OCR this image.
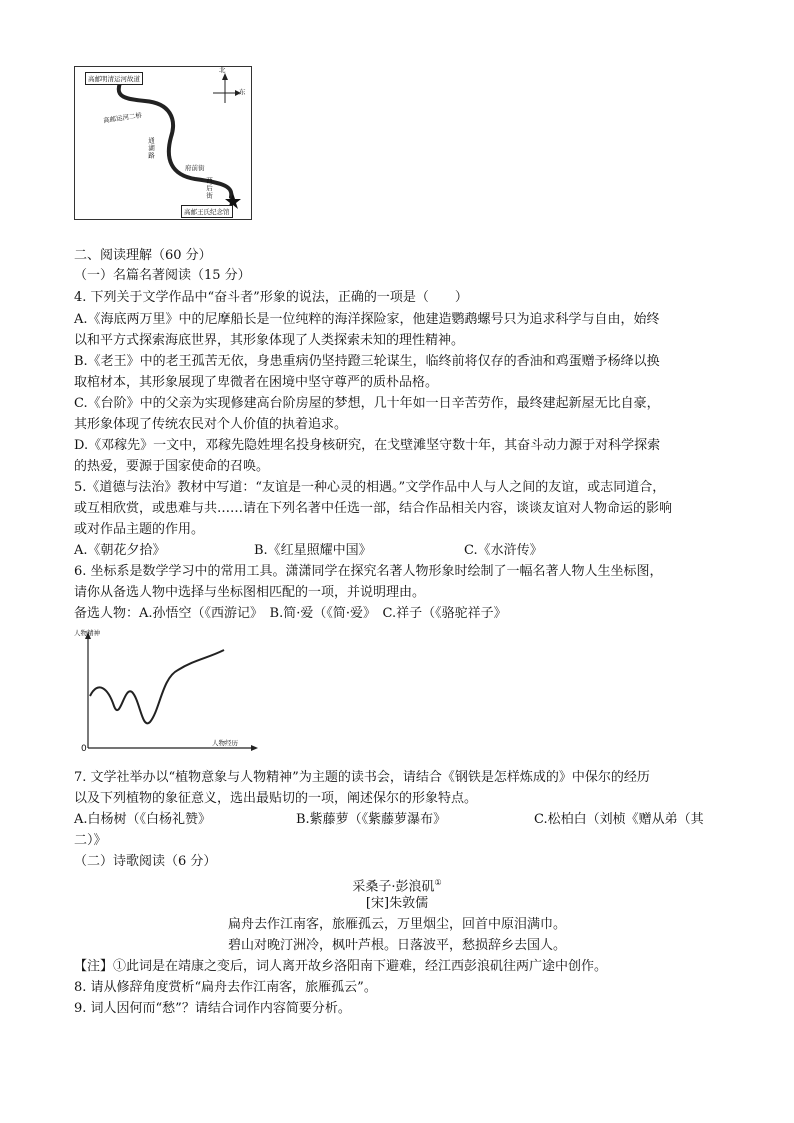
高邮明清运河故道
高邮运河二桥
通湖路
府前街
西后街
高邮王氏纪念馆
北
东
二、阅读理解（60 分）
（一）名篇名著阅读（15 分）
4. 下列关于文学作品中“奋斗者”形象的说法，正确的一项是（　　）
A.《海底两万里》中的尼摩船长是一位纯粹的海洋探险家，他建造鹦鹉螺号只为追求科学与自由，始终
以和平方式探索海底世界，其形象体现了人类探索未知的理性精神。
B.《老王》中的老王孤苦无依，身患重病仍坚持蹬三轮谋生，临终前将仅存的香油和鸡蛋赠予杨绛以换
取棺材本，其形象展现了卑微者在困境中坚守尊严的质朴品格。
C.《台阶》中的父亲为实现修建高台阶房屋的梦想，几十年如一日辛苦劳作，最终建起新屋无比自豪，
其形象体现了传统农民对个人价值的执着追求。
D.《邓稼先》一文中，邓稼先隐姓埋名投身核研究，在戈壁滩坚守数十年，其奋斗动力源于对科学探索
的热爱，要源于国家使命的召唤。
5.《道德与法治》教材中写道：“友谊是一种心灵的相遇。”文学作品中人与人之间的友谊，或志同道合，
或互相欣赏，或患难与共……请在下列名著中任选一部，结合作品相关内容，谈谈友谊对人物命运的影响
或对作品主题的作用。
A.《朝花夕拾》	B.《红星照耀中国》	C.《水浒传》
6. 坐标系是数学学习中的常用工具。潇潇同学在探究名著人物形象时绘制了一幅名著人物人生坐标图，
请你从备选人物中选择与坐标图相匹配的一项，并说明理由。
备选人物：A.孙悟空（《西游记》　B.简·爱（《简·爱》　C.祥子（《骆驼祥子》
人物精神
人物经历
0
7. 文学社举办以“植物意象与人物精神”为主题的读书会，请结合《钢铁是怎样炼成的》中保尔的经历
以及下列植物的象征意义，选出最贴切的一项，阐述保尔的形象特点。
A.白杨树（《白杨礼赞》	B.紫藤萝（《紫藤萝瀑布》	C.松柏白（刘桢《赠从弟（其
二）》
（二）诗歌阅读（6 分）
采桑子·彭浪矶①
[宋]朱敦儒
扁舟去作江南客，旅雁孤云，万里烟尘，回首中原泪满巾。
碧山对晚汀洲冷，枫叶芦根。日落波平，愁损辞乡去国人。
【注】①此词是在靖康之变后，词人离开故乡洛阳南下避难，经江西彭浪矶往两广途中创作。
8. 请从修辞角度赏析“扁舟去作江南客，旅雁孤云”。
9. 词人因何而“愁”？请结合词作内容简要分析。
